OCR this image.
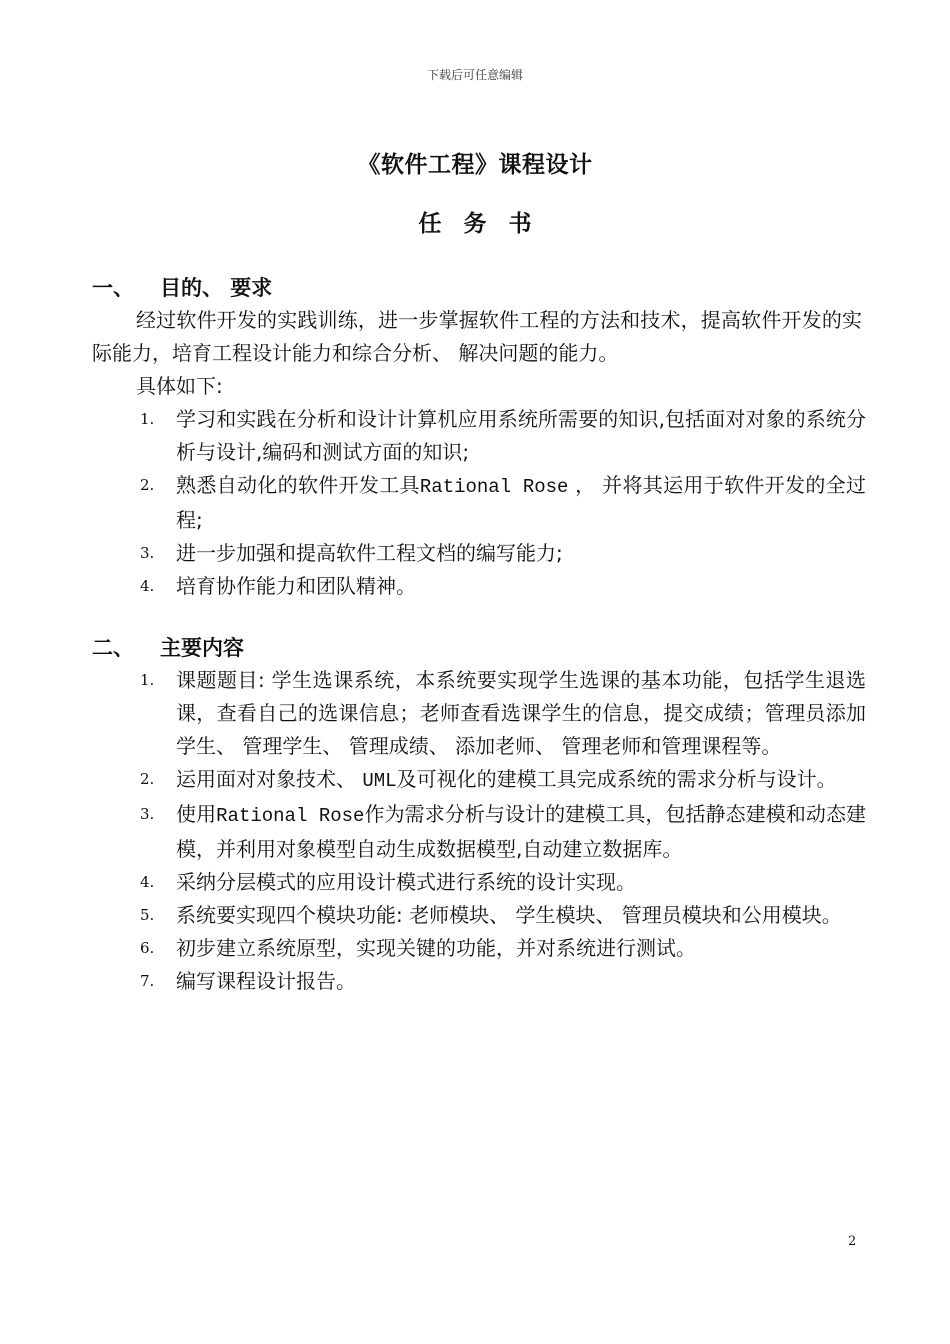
下载后可任意编辑
《软件工程》课程设计
任务书
一、 目的、 要求
经过软件开发的实践训练，进一步掌握软件工程的方法和技术，提高软件开发的实际能力，培育工程设计能力和综合分析、 解决问题的能力。
具体如下:
1. 学习和实践在分析和设计计算机应用系统所需要的知识,包括面对对象的系统分析与设计,编码和测试方面的知识;
2. 熟悉自动化的软件开发工具Rational Rose ， 并将其运用于软件开发的全过程;
3. 进一步加强和提高软件工程文档的编写能力;
4. 培育协作能力和团队精神。
二、 主要内容
1. 课题题目: 学生选课系统，本系统要实现学生选课的基本功能，包括学生退选课，查看自己的选课信息；老师查看选课学生的信息，提交成绩；管理员添加学生、 管理学生、 管理成绩、 添加老师、 管理老师和管理课程等。
2. 运用面对对象技术、 UML及可视化的建模工具完成系统的需求分析与设计。
3. 使用Rational Rose作为需求分析与设计的建模工具，包括静态建模和动态建模，并利用对象模型自动生成数据模型,自动建立数据库。
4. 采纳分层模式的应用设计模式进行系统的设计实现。
5. 系统要实现四个模块功能: 老师模块、 学生模块、 管理员模块和公用模块。
6. 初步建立系统原型，实现关键的功能，并对系统进行测试。
7. 编写课程设计报告。
2
